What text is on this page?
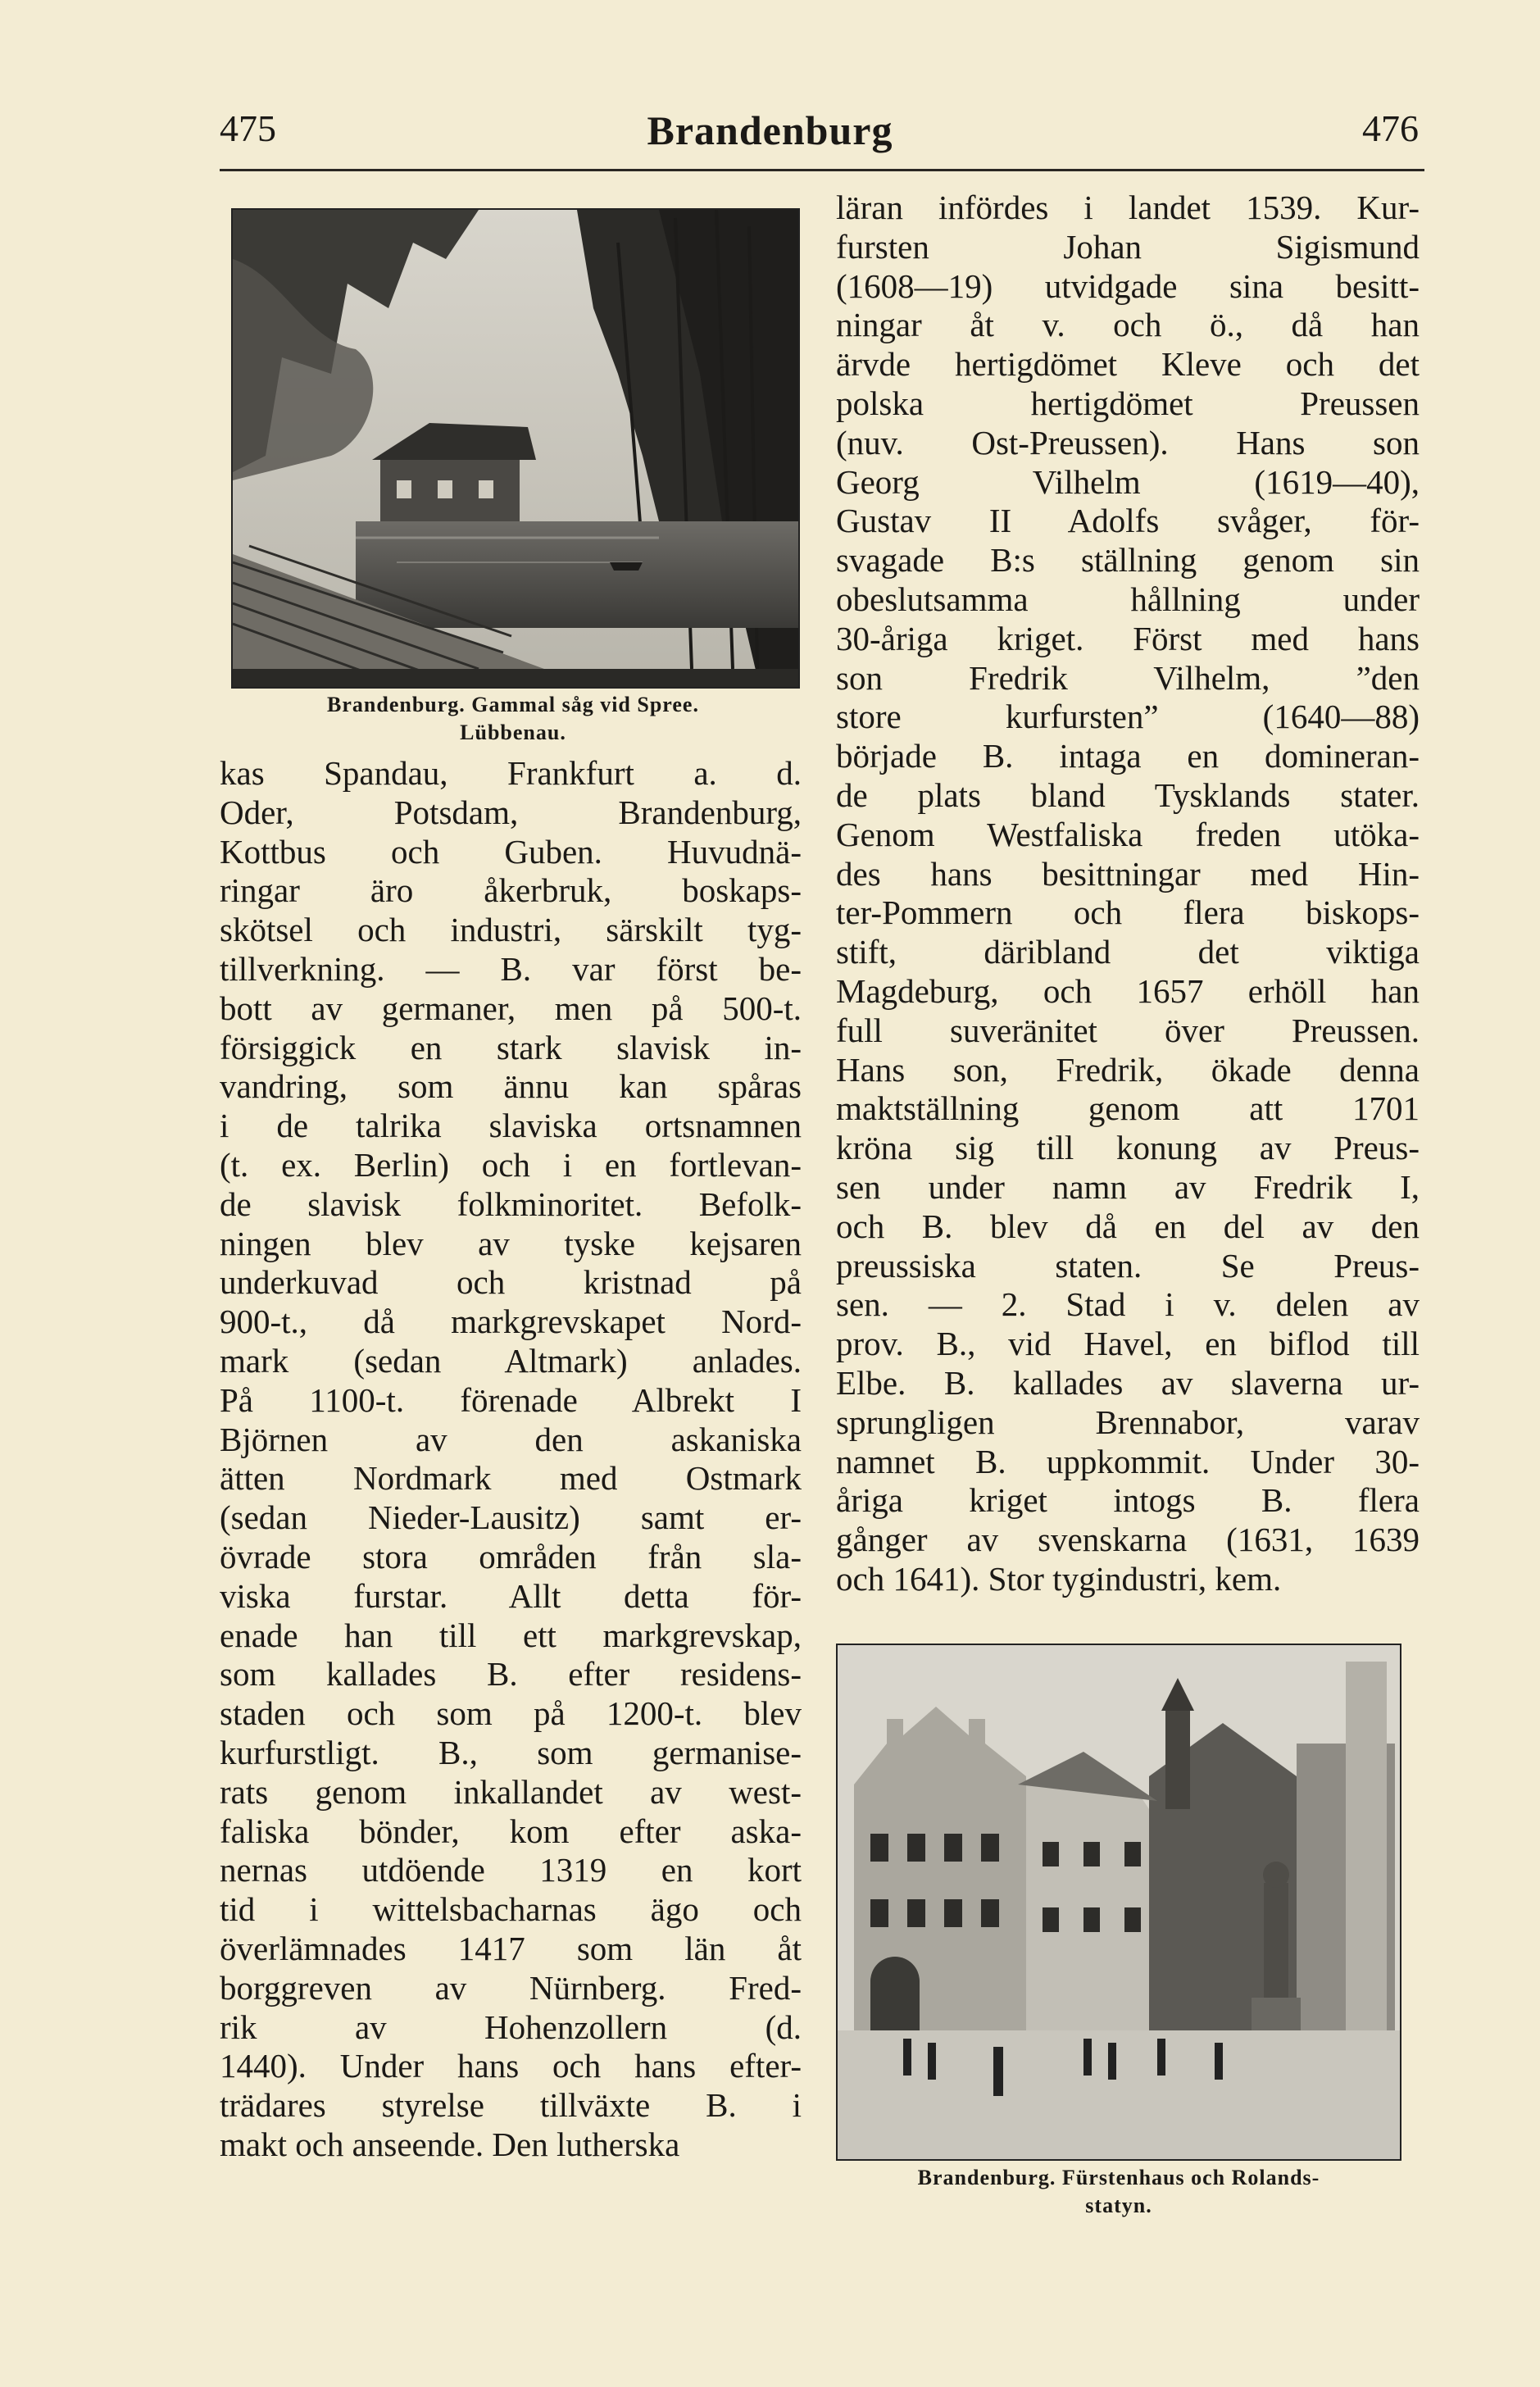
475	Brandenburg	476
Brandenburg. Gammal såg vid Spree.
Lübbenau.
kas Spandau, Frankfurt a. d.
Oder, Potsdam, Brandenburg,
Kottbus och Guben. Huvudnä-
ringar äro åkerbruk, boskaps-
skötsel och industri, särskilt tyg-
tillverkning. — B. var först be-
bott av germaner, men på 500-t.
försiggick en stark slavisk in-
vandring, som ännu kan spåras
i de talrika slaviska ortsnamnen
(t. ex. Berlin) och i en fortlevan-
de slavisk folkminoritet. Befolk-
ningen blev av tyske kejsaren
underkuvad och kristnad på
900-t., då markgrevskapet Nord-
mark (sedan Altmark) anlades.
På 1100-t. förenade Albrekt I
Björnen av den askaniska
ätten Nordmark med Ostmark
(sedan Nieder-Lausitz) samt er-
övrade stora områden från sla-
viska furstar. Allt detta för-
enade han till ett markgrevskap,
som kallades B. efter residens-
staden och som på 1200-t. blev
kurfurstligt. B., som germanise-
rats genom inkallandet av west-
faliska bönder, kom efter aska-
nernas utdöende 1319 en kort
tid i wittelsbacharnas ägo och
överlämnades 1417 som län åt
borggreven av Nürnberg. Fred-
rik av Hohenzollern (d.
1440). Under hans och hans efter-
trädares styrelse tillväxte B. i
makt och anseende. Den lutherska
läran infördes i landet 1539. Kur-
fursten Johan Sigismund
(1608—19) utvidgade sina besitt-
ningar åt v. och ö., då han
ärvde hertigdömet Kleve och det
polska hertigdömet Preussen
(nuv. Ost-Preussen). Hans son
Georg Vilhelm (1619—40),
Gustav II Adolfs svåger, för-
svagade B:s ställning genom sin
obeslutsamma hållning under
30-åriga kriget. Först med hans
son Fredrik Vilhelm, ”den
store kurfursten” (1640—88)
började B. intaga en domineran-
de plats bland Tysklands stater.
Genom Westfaliska freden utöka-
des hans besittningar med Hin-
ter-Pommern och flera biskops-
stift, däribland det viktiga
Magdeburg, och 1657 erhöll han
full suveränitet över Preussen.
Hans son, Fredrik, ökade denna
maktställning genom att 1701
kröna sig till konung av Preus-
sen under namn av Fredrik I,
och B. blev då en del av den
preussiska staten. Se Preus-
sen. — 2. Stad i v. delen av
prov. B., vid Havel, en biflod till
Elbe. B. kallades av slaverna ur-
sprungligen Brennabor, varav
namnet B. uppkommit. Under 30-
åriga kriget intogs B. flera
gånger av svenskarna (1631, 1639
och 1641). Stor tygindustri, kem.
Brandenburg. Fürstenhaus och Rolands-
statyn.
